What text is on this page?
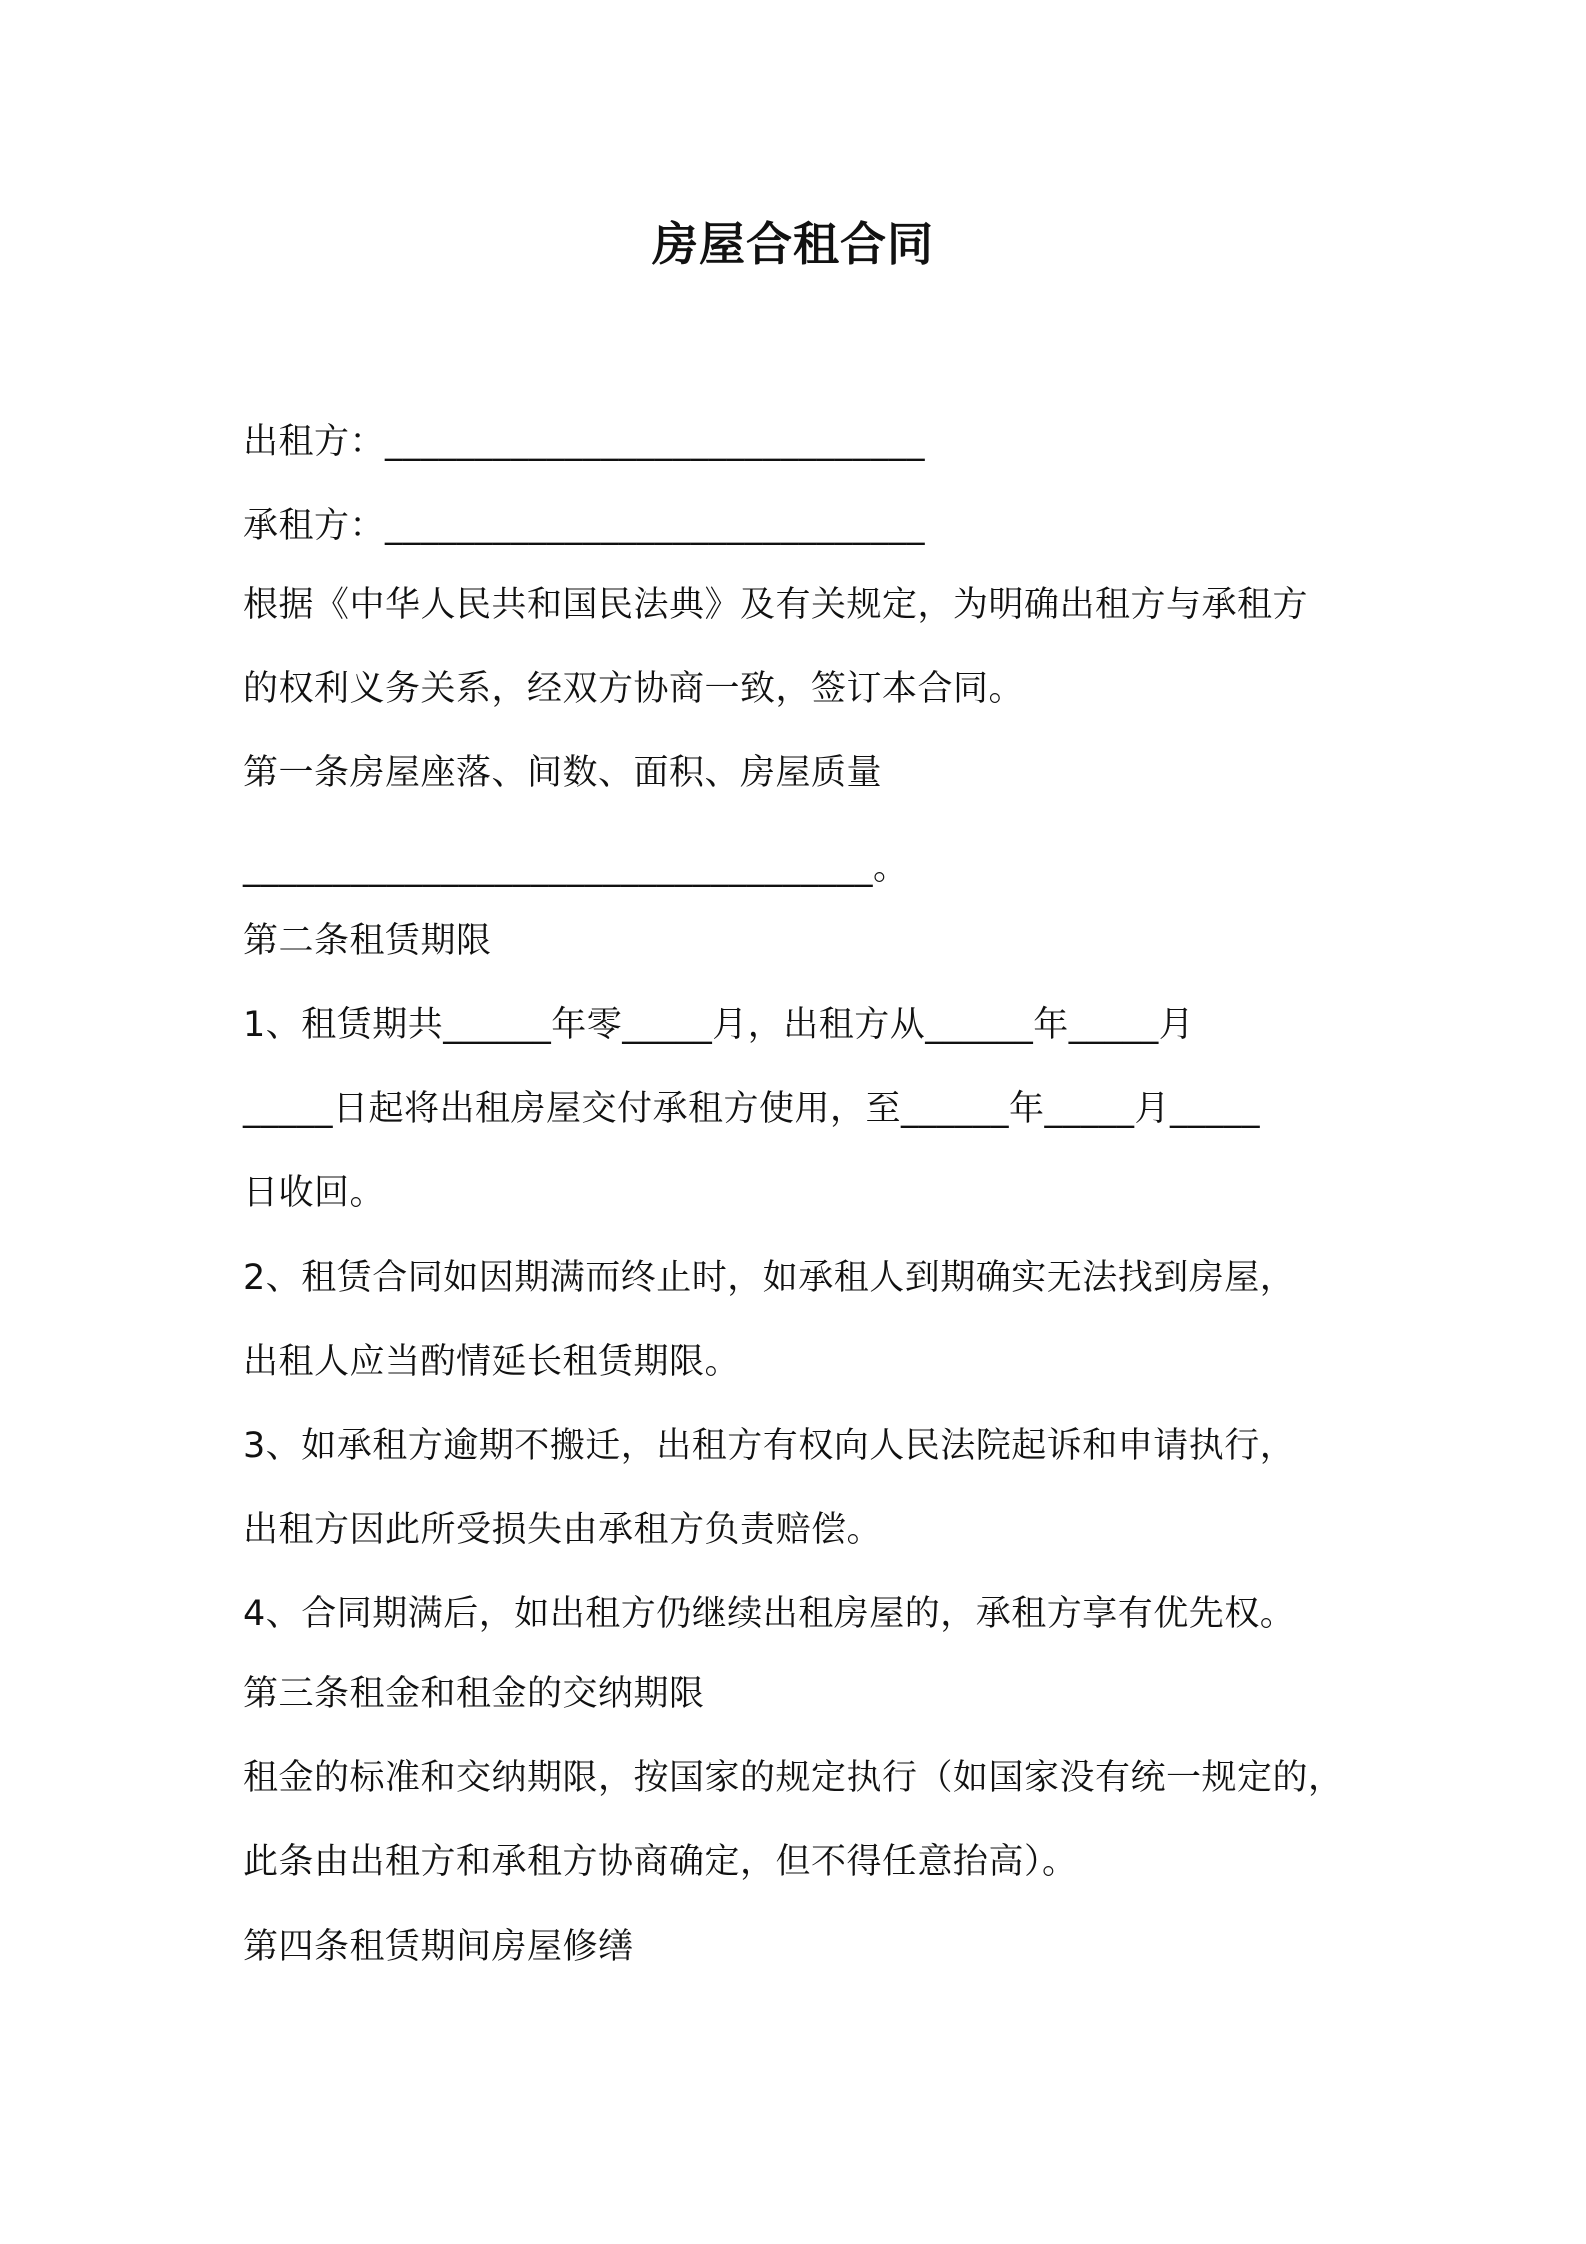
房屋合租合同
出租方：______________________________
承租方：______________________________
根据《中华人民共和国民法典》及有关规定，为明确出租方与承租方
的权利义务关系，经双方协商一致，签订本合同。
第一条房屋座落、间数、面积、房屋质量
___________________________________。
第二条租赁期限
1、租赁期共______年零_____月，出租方从______年_____月
_____日起将出租房屋交付承租方使用，至______年_____月_____
日收回。
2、租赁合同如因期满而终止时，如承租人到期确实无法找到房屋，
出租人应当酌情延长租赁期限。
3、如承租方逾期不搬迁，出租方有权向人民法院起诉和申请执行，
出租方因此所受损失由承租方负责赔偿。
4、合同期满后，如出租方仍继续出租房屋的，承租方享有优先权。
第三条租金和租金的交纳期限
租金的标准和交纳期限，按国家的规定执行（如国家没有统一规定的，
此条由出租方和承租方协商确定，但不得任意抬高）。
第四条租赁期间房屋修缮
